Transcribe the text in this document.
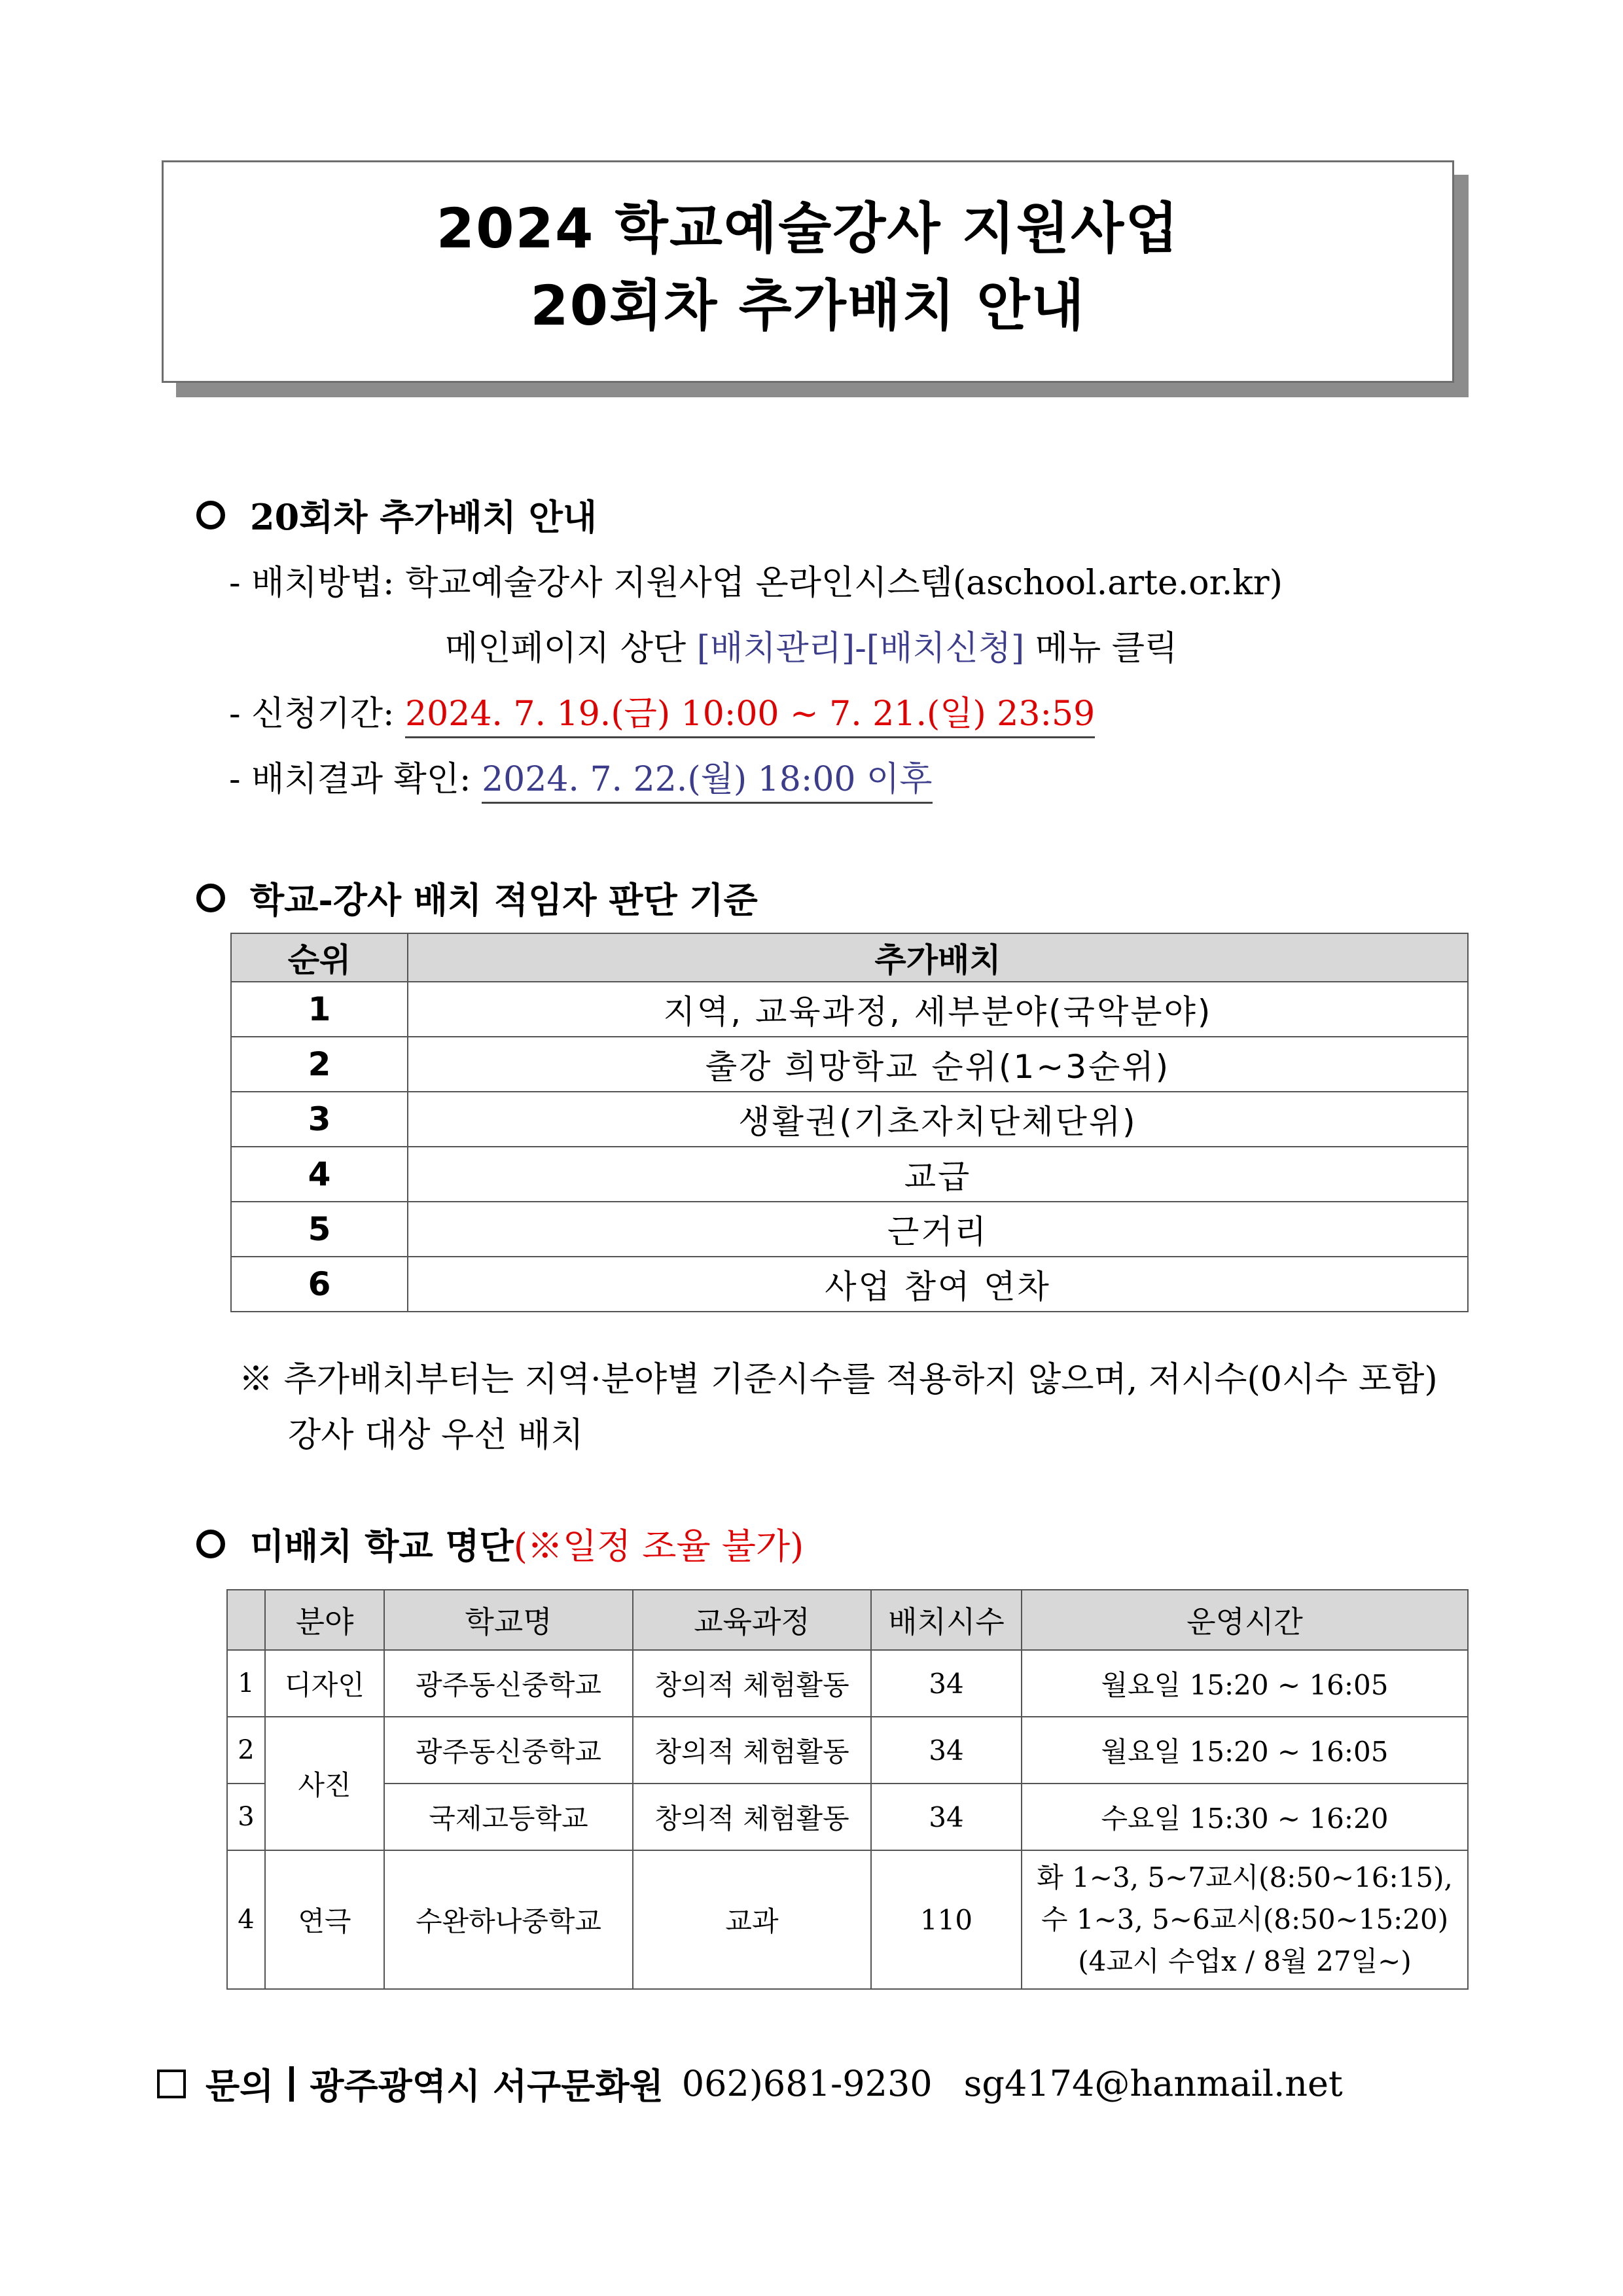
2024 학교예술강사 지원사업
20회차 추가배치 안내
20회차 추가배치 안내
- 배치방법: 학교예술강사 지원사업 온라인시스템(aschool.arte.or.kr)
메인페이지 상단 [배치관리]-[배치신청] 메뉴 클릭
- 신청기간: 2024. 7. 19.(금) 10:00 ~ 7. 21.(일) 23:59
- 배치결과 확인: 2024. 7. 22.(월) 18:00 이후
학교-강사 배치 적임자 판단 기준
순위	추가배치
1	지역, 교육과정, 세부분야(국악분야)
2	출강 희망학교 순위(1~3순위)
3	생활권(기초자치단체단위)
4	교급
5	근거리
6	사업 참여 연차
※ 추가배치부터는 지역·분야별 기준시수를 적용하지 않으며, 저시수(0시수 포함)
강사 대상 우선 배치
미배치 학교 명단 (※일정 조율 불가)
	분야	학교명	교육과정	배치시수	운영시간
1	디자인	광주동신중학교	창의적 체험활동	34	월요일 15:20 ~ 16:05
2	사진	광주동신중학교	창의적 체험활동	34	월요일 15:20 ~ 16:05
3		국제고등학교	창의적 체험활동	34	수요일 15:30 ~ 16:20
4	연극	수완하나중학교	교과	110	화 1~3, 5~7교시(8:50~16:15),
수 1~3, 5~6교시(8:50~15:20)
(4교시 수업x / 8월 27일~)
문의 광주광역시 서구문화원 062)681-9230 sg4174@hanmail.net
